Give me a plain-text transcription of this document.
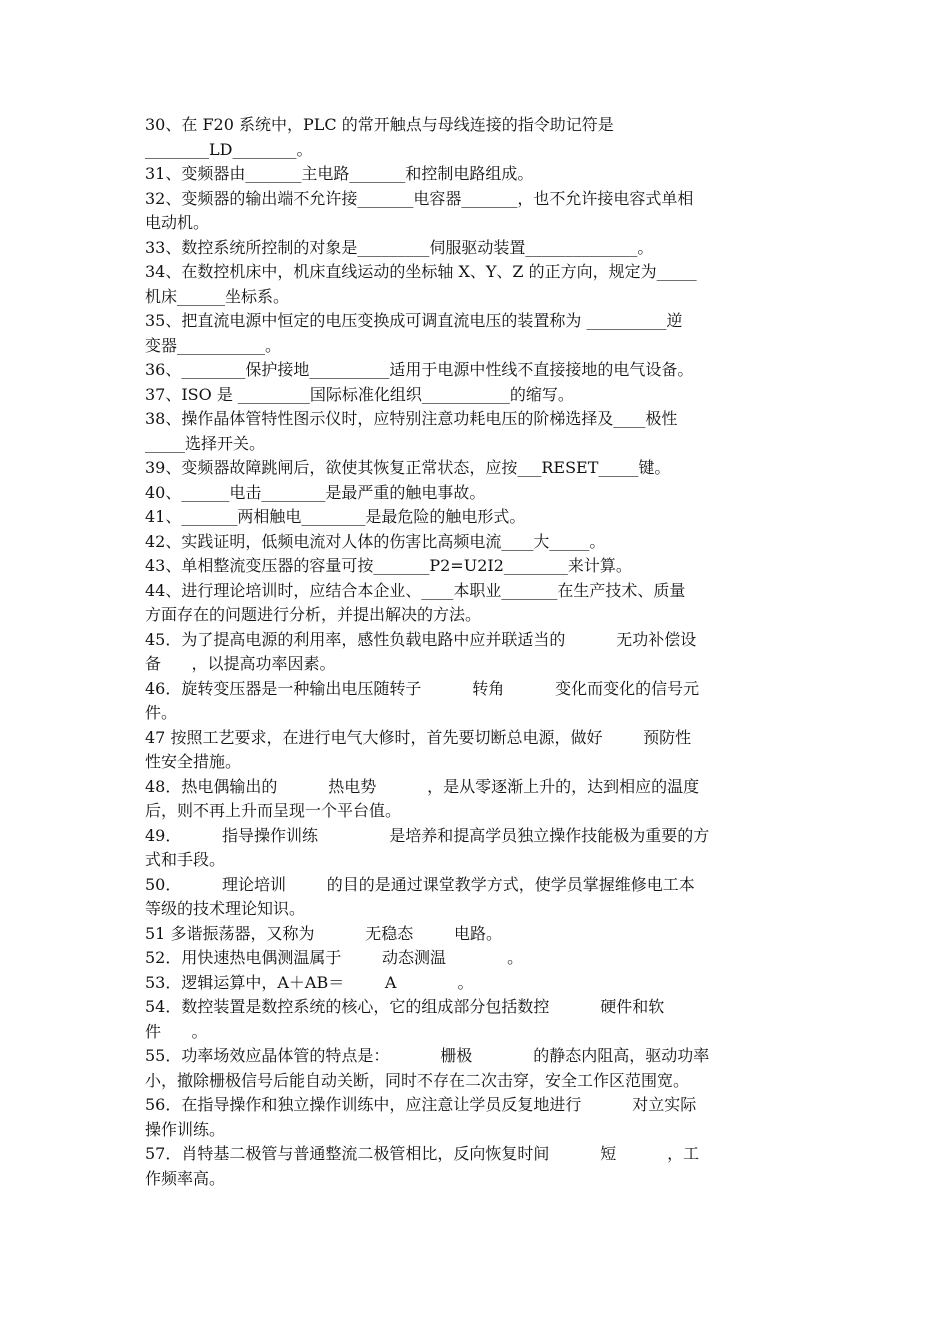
30、在 F20 系统中，PLC 的常开触点与母线连接的指令助记符是
________LD________。
31、变频器由_______主电路_______和控制电路组成。
32、变频器的输出端不允许接_______电容器_______，也不允许接电容式单相
电动机。
33、数控系统所控制的对象是_________伺服驱动装置______________。
34、在数控机床中，机床直线运动的坐标轴 X、Y、Z 的正方向，规定为_____
机床______坐标系。
35、把直流电源中恒定的电压变换成可调直流电压的装置称为 __________逆
变器___________。
36、________保护接地__________适用于电源中性线不直接接地的电气设备。
37、ISO 是 _________国际标准化组织___________的缩写。
38、操作晶体管特性图示仪时，应特别注意功耗电压的阶梯选择及____极性
_____选择开关。
39、变频器故障跳闸后，欲使其恢复正常状态，应按___RESET_____键。
40、______电击________是最严重的触电事故。
41、_______两相触电________是最危险的触电形式。
42、实践证明，低频电流对人体的伤害比高频电流____大_____。
43、单相整流变压器的容量可按_______P2=U2I2________来计算。
44、进行理论培训时，应结合本企业、____本职业_______在生产技术、质量
方面存在的问题进行分析，并提出解决的方法。
45．为了提高电源的利用率，感性负载电路中应并联适当的          无功补偿设
备      ，以提高功率因素。
46．旋转变压器是一种输出电压随转子          转角          变化而变化的信号元
件。
47 按照工艺要求，在进行电气大修时，首先要切断总电源，做好        预防性
性安全措施。
48．热电偶输出的          热电势          ，是从零逐渐上升的，达到相应的温度
后，则不再上升而呈现一个平台值。
49．        指导操作训练              是培养和提高学员独立操作技能极为重要的方
式和手段。
50．        理论培训        的目的是通过课堂教学方式，使学员掌握维修电工本
等级的技术理论知识。
51 多谐振荡器，又称为          无稳态        电路。
52．用快速热电偶测温属于        动态测温            。
53．逻辑运算中，A＋AB＝        A            。
54．数控装置是数控系统的核心，它的组成部分包括数控          硬件和软
件      。
55．功率场效应晶体管的特点是：          栅极            的静态内阻高，驱动功率
小，撤除栅极信号后能自动关断，同时不存在二次击穿，安全工作区范围宽。
56．在指导操作和独立操作训练中，应注意让学员反复地进行          对立实际
操作训练。
57．肖特基二极管与普通整流二极管相比，反向恢复时间          短          ，工
作频率高。
